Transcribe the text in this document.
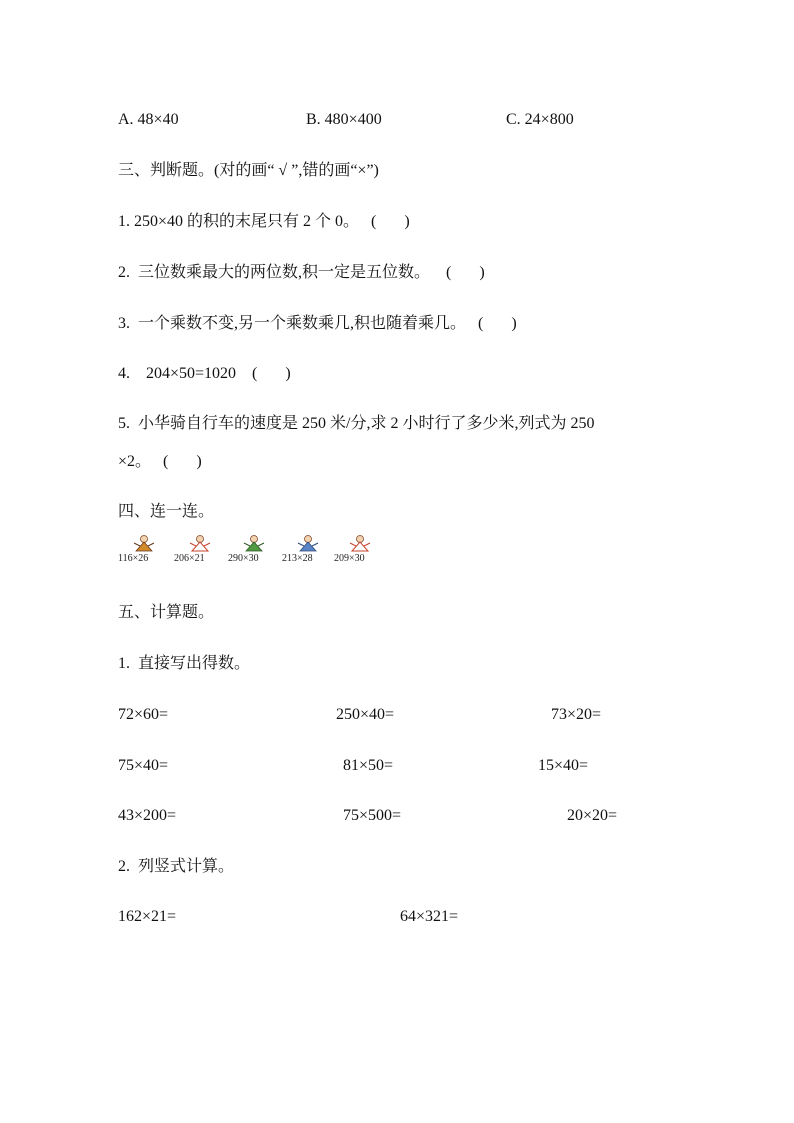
A. 48×40	B. 480×400	C. 24×800
三、判断题。(对的画“ √ ”,错的画“×”)
1. 250×40 的积的末尾只有 2 个 0。   (       )
2.  三位数乘最大的两位数,积一定是五位数。    (       )
3.  一个乘数不变,另一个乘数乘几,积也随着乘几。   (       )
4.    204×50=1020    (       )
5.  小华骑自行车的速度是 250 米/分,求 2 小时行了多少米,列式为 250
×2。   (       )
四、连一连。
116×26	206×21	290×30	213×28	209×30
五、计算题。
1.  直接写出得数。
72×60=	250×40=	73×20=
75×40=	81×50=	15×40=
43×200=	75×500=	20×20=
2.  列竖式计算。
162×21=	64×321=
